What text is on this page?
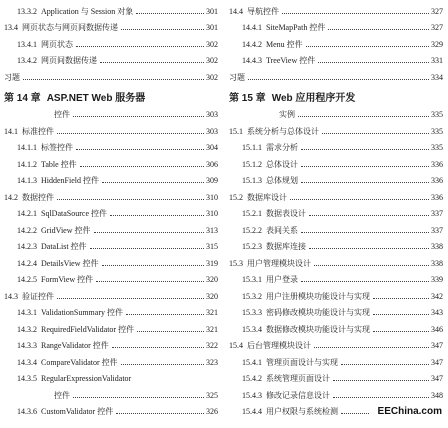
13.3.2 Application 与 Session 对象	301
13.4 网页状态与网页间数据传递	301
13.4.1 网页状态	302
13.4.2 网页间数据传递	302
习题	302
第 14 章 ASP.NET Web 服务器
控件	303
14.1 标准控件	303
14.1.1 标签控件	304
14.1.2 Table 控件	306
14.1.3 HiddenField 控件	309
14.2 数据控件	310
14.2.1 SqlDataSource 控件	310
14.2.2 GridView 控件	313
14.2.3 DataList 控件	315
14.2.4 DetailsView 控件	319
14.2.5 FormView 控件	320
14.3 验证控件	320
14.3.1 ValidationSummary 控件	321
14.3.2 RequiredFieldValidator 控件	321
14.3.3 RangeValidator 控件	322
14.3.4 CompareValidator 控件	323
14.3.5 RegularExpressionValidator
控件	325
14.3.6 CustomValidator 控件	326
14.4 导航控件	327
14.4.1 SiteMapPath 控件	327
14.4.2 Menu 控件	329
14.4.3 TreeView 控件	331
习题	334
第 15 章 Web 应用程序开发
实例	335
15.1 系统分析与总体设计	335
15.1.1 需求分析	335
15.1.2 总体设计	336
15.1.3 总体规划	336
15.2 数据库设计	336
15.2.1 数据表设计	337
15.2.2 表间关系	337
15.2.3 数据库连接	338
15.3 用户管理模块设计	338
15.3.1 用户登录	339
15.3.2 用户注册模块功能设计与实现	342
15.3.3 密码修改模块功能设计与实现	343
15.3.4 数据修改模块功能设计与实现	346
15.4 后台管理模块设计	347
15.4.1 管理页面设计与实现	347
15.4.2 系统管理页面设计	347
15.4.3 修改记录信息设计	348
15.4.4 用户权限与系统检测	EEChina.com
